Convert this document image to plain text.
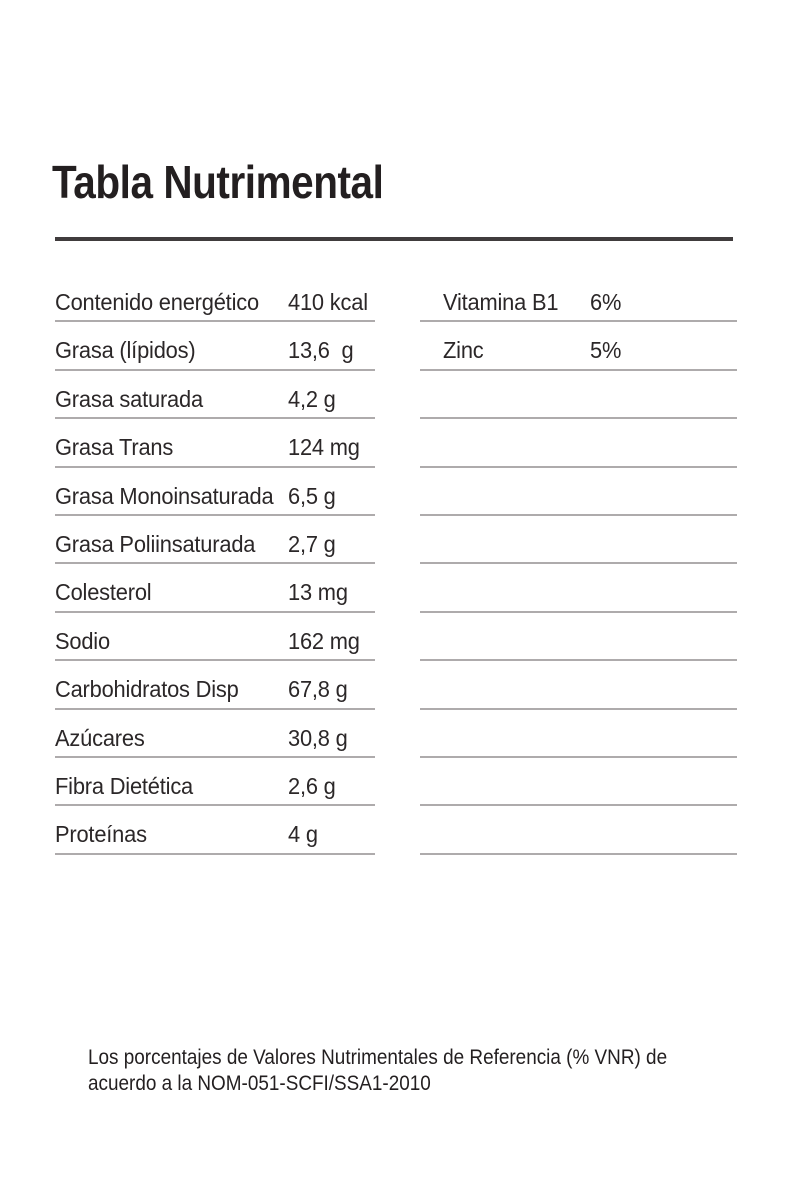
Tabla Nutrimental
Contenido energético 410 kcal
Grasa (lípidos)	13,6  g
Grasa saturada	4,2 g
Grasa Trans	124 mg
Grasa Monoinsaturada 6,5 g
Grasa Poliinsaturada 2,7 g
Colesterol	13 mg
Sodio	162 mg
Carbohidratos Disp 67,8 g
Azúcares	30,8 g
Fibra Dietética	2,6 g
Proteínas	4 g
Vitamina B1 6%
Zinc	5%
Los porcentajes de Valores Nutrimentales de Referencia (% VNR) de
acuerdo a la NOM-051-SCFI/SSA1-2010
